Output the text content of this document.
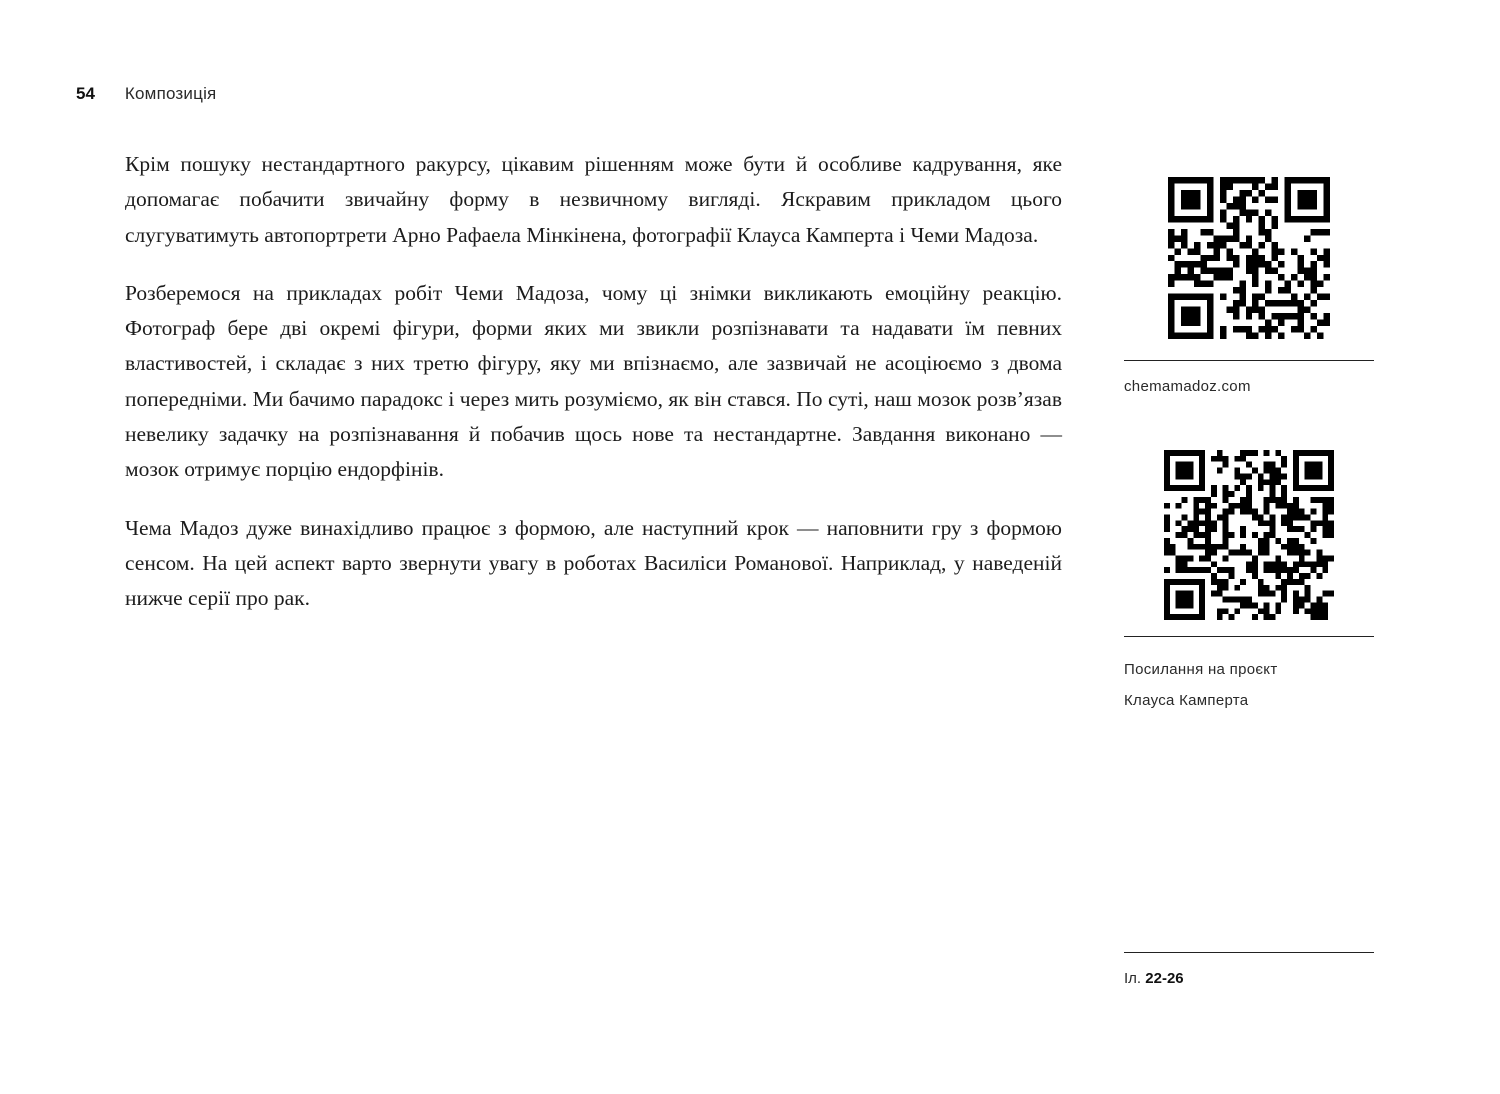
54 Композиція

Крім пошуку нестандартного ракурсу, цікавим рішенням може бути й особливе кадрування, яке допомагає побачити звичайну форму в незвичному вигляді. Яскравим прикладом цього слугуватимуть автопортрети Арно Рафаела Мінкінена, фотографії Клауса Камперта і Чеми Мадоза.

Розберемося на прикладах робіт Чеми Мадоза, чому ці знімки викликають емоційну реакцію. Фотограф бере дві окремі фігури, форми яких ми звикли розпізнавати та надавати їм певних властивостей, і складає з них третю фігуру, яку ми впізнаємо, але зазвичай не асоціюємо з двома попередніми. Ми бачимо парадокс і через мить розуміємо, як він стався. По суті, наш мозок розв’язав невелику задачку на розпізнавання й побачив щось нове та нестандартне. Завдання виконано — мозок отримує порцію ендорфінів.

Чема Мадоз дуже винахідливо працює з формою, але наступний крок — наповнити гру з формою сенсом. На цей аспект варто звернути увагу в роботах Василіси Романової. Наприклад, у наведеній нижче серії про рак.

chemamadoz.com
Посилання на проєкт
Клауса Камперта
Іл. 22-26
